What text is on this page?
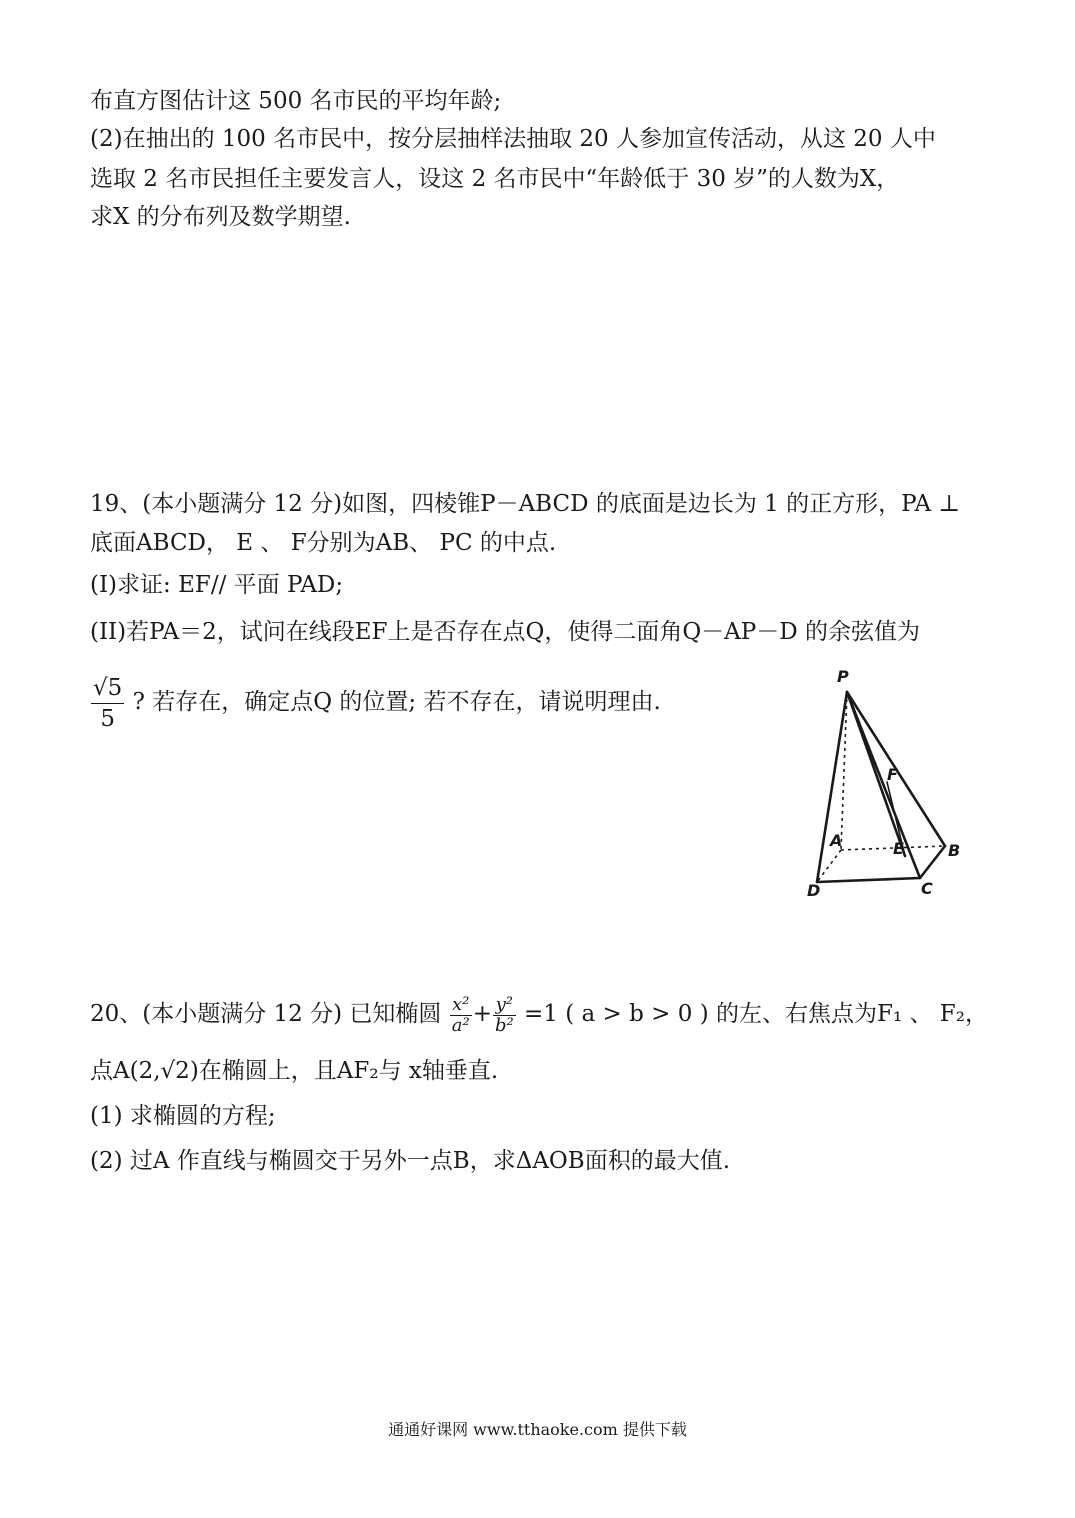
布直方图估计这 500 名市民的平均年龄;

(2)在抽出的 100 名市民中，按分层抽样法抽取 20 人参加宣传活动，从这 20 人中

选取 2 名市民担任主要发言人，设这 2 名市民中“年龄低于 30 岁”的人数为X，

求X 的分布列及数学期望.

19、(本小题满分 12 分)如图，四棱锥P－ABCD 的底面是边长为 1 的正方形，PA ⊥

底面ABCD， E 、 F分别为AB、 PC 的中点.

(I)求证: EF// 平面 PAD;

(II)若PA＝2，试问在线段EF上是否存在点Q，使得二面角Q－AP－D 的余弦值为

$\frac{√5}{5}$ ? 若存在，确定点Q 的位置; 若不存在，请说明理由.

P
F
A	E	B
D	C

20、(本小题满分 12 分) 已知椭圆 $\frac{\text{x²}}{\text{a²}} + \frac{\text{y²}}{\text{b²}} =1$ ( a > b > 0 ) 的左、右焦点为F₁ 、 F₂，

点A(2,√2)在椭圆上，且AF₂与 x轴垂直.

(1) 求椭圆的方程;

(2) 过A 作直线与椭圆交于另外一点B，求ΔAOB面积的最大值.

通通好课网 www.tthaoke.com 提供下载
